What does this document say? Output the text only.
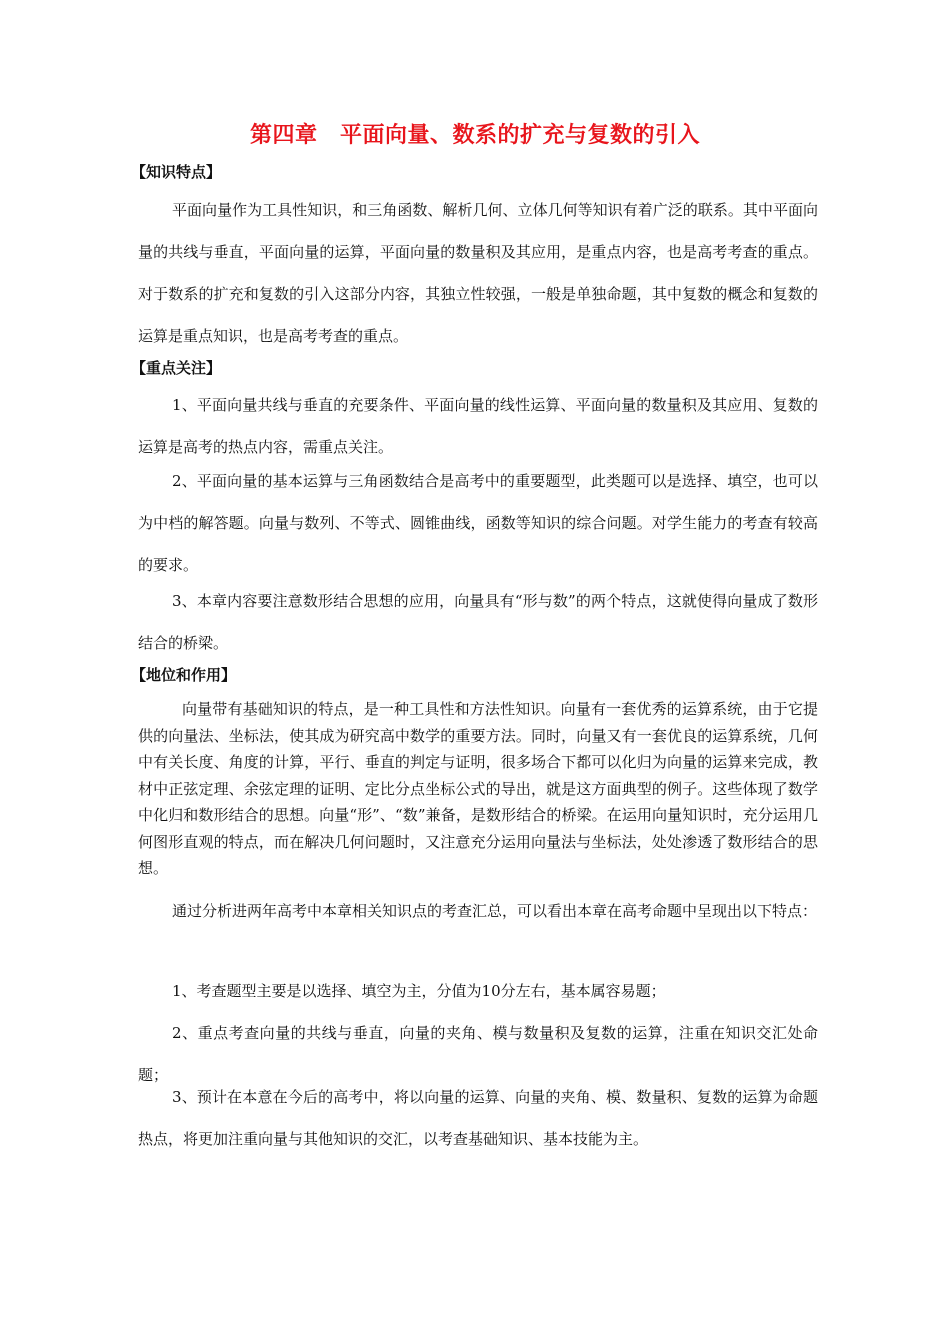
第四章　平面向量、数系的扩充与复数的引入
【知识特点】

平面向量作为工具性知识，和三角函数、解析几何、立体几何等知识有着广泛的联系。其中平面向量的共线与垂直，平面向量的运算，平面向量的数量积及其应用，是重点内容，也是高考考查的重点。对于数系的扩充和复数的引入这部分内容，其独立性较强，一般是单独命题，其中复数的概念和复数的运算是重点知识，也是高考考查的重点。

【重点关注】

1、平面向量共线与垂直的充要条件、平面向量的线性运算、平面向量的数量积及其应用、复数的运算是高考的热点内容，需重点关注。

2、平面向量的基本运算与三角函数结合是高考中的重要题型，此类题可以是选择、填空，也可以为中档的解答题。向量与数列、不等式、圆锥曲线，函数等知识的综合问题。对学生能力的考查有较高的要求。

3、本章内容要注意数形结合思想的应用，向量具有“形与数”的两个特点，这就使得向量成了数形结合的桥梁。

【地位和作用】

向量带有基础知识的特点，是一种工具性和方法性知识。向量有一套优秀的运算系统，由于它提供的向量法、坐标法，使其成为研究高中数学的重要方法。同时，向量又有一套优良的运算系统，几何中有关长度、角度的计算，平行、垂直的判定与证明，很多场合下都可以化归为向量的运算来完成，教材中正弦定理、余弦定理的证明、定比分点坐标公式的导出，就是这方面典型的例子。这些体现了数学中化归和数形结合的思想。向量“形”、“数”兼备，是数形结合的桥梁。在运用向量知识时，充分运用几何图形直观的特点，而在解决几何问题时，又注意充分运用向量法与坐标法，处处渗透了数形结合的思想。

通过分析进两年高考中本章相关知识点的考查汇总，可以看出本章在高考命题中呈现出以下特点：

1、考查题型主要是以选择、填空为主，分值为10分左右，基本属容易题；

2、重点考查向量的共线与垂直，向量的夹角、模与数量积及复数的运算，注重在知识交汇处命题；

3、预计在本意在今后的高考中，将以向量的运算、向量的夹角、模、数量积、复数的运算为命题热点，将更加注重向量与其他知识的交汇，以考查基础知识、基本技能为主。
